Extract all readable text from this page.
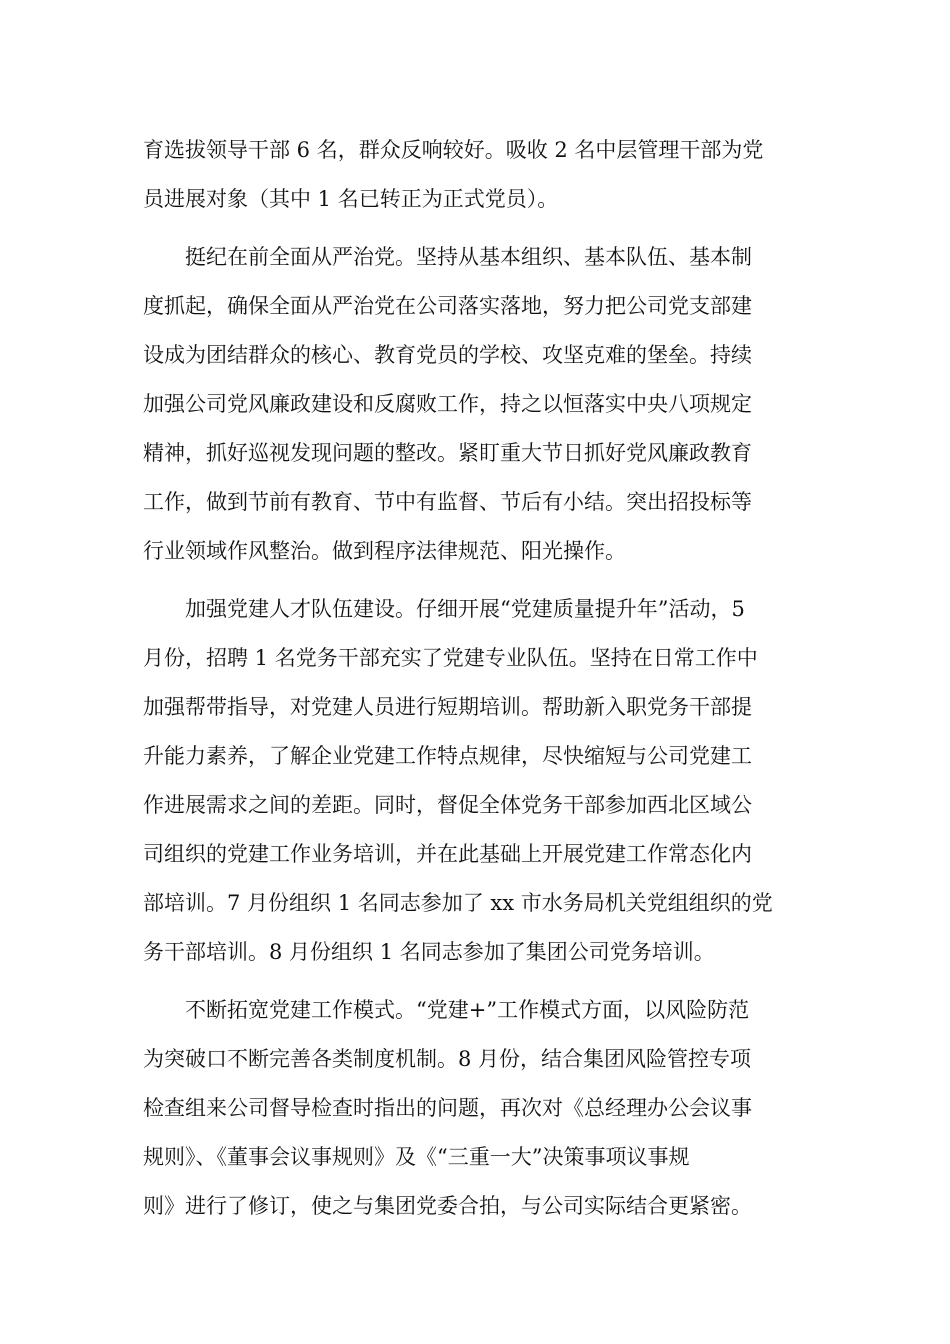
育选拔领导干部 6 名，群众反响较好。吸收 2 名中层管理干部为党
员进展对象（其中 1 名已转正为正式党员）。
挺纪在前全面从严治党。坚持从基本组织、基本队伍、基本制
度抓起，确保全面从严治党在公司落实落地，努力把公司党支部建
设成为团结群众的核心、教育党员的学校、攻坚克难的堡垒。持续
加强公司党风廉政建设和反腐败工作，持之以恒落实中央八项规定
精神，抓好巡视发现问题的整改。紧盯重大节日抓好党风廉政教育
工作，做到节前有教育、节中有监督、节后有小结。突出招投标等
行业领域作风整治。做到程序法律规范、阳光操作。
加强党建人才队伍建设。仔细开展“党建质量提升年”活动，5
月份，招聘 1 名党务干部充实了党建专业队伍。坚持在日常工作中
加强帮带指导，对党建人员进行短期培训。帮助新入职党务干部提
升能力素养，了解企业党建工作特点规律，尽快缩短与公司党建工
作进展需求之间的差距。同时，督促全体党务干部参加西北区域公
司组织的党建工作业务培训，并在此基础上开展党建工作常态化内
部培训。7 月份组织 1 名同志参加了 xx 市水务局机关党组组织的党
务干部培训。8 月份组织 1 名同志参加了集团公司党务培训。
不断拓宽党建工作模式。“党建+”工作模式方面，以风险防范
为突破口不断完善各类制度机制。8 月份，结合集团风险管控专项
检查组来公司督导检查时指出的问题，再次对《总经理办公会议事
规则》、《董事会议事规则》及《“三重一大”决策事项议事规
则》进行了修订，使之与集团党委合拍，与公司实际结合更紧密。
